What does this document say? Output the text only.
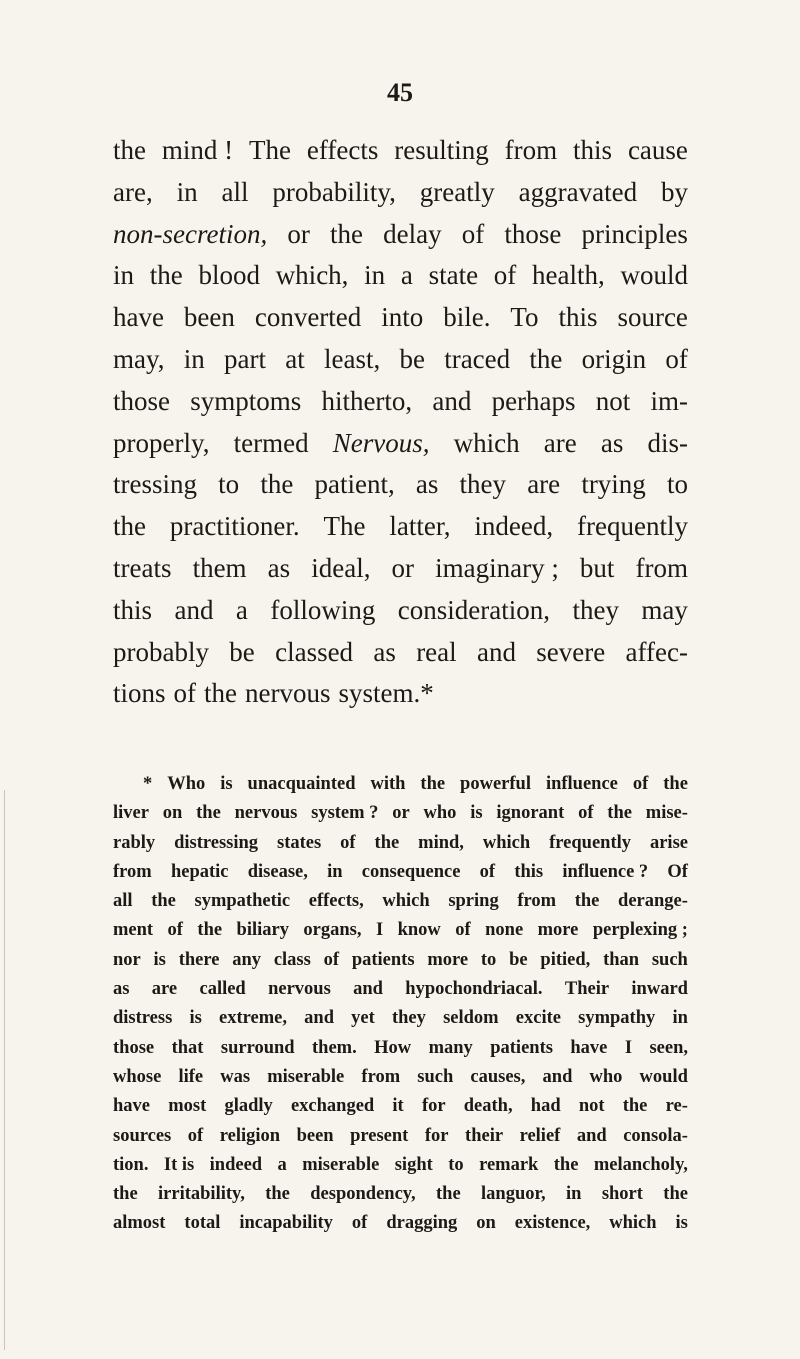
45
the mind ! The effects resulting from this cause
are, in all probability, greatly aggravated by
non-secretion, or the delay of those principles
in the blood which, in a state of health, would
have been converted into bile. To this source
may, in part at least, be traced the origin of
those symptoms hitherto, and perhaps not im-
properly, termed Nervous, which are as dis-
tressing to the patient, as they are trying to
the practitioner. The latter, indeed, frequently
treats them as ideal, or imaginary ; but from
this and a following consideration, they may
probably be classed as real and severe affec-
tions of the nervous system.*
* Who is unacquainted with the powerful influence of the
liver on the nervous system ? or who is ignorant of the mise-
rably distressing states of the mind, which frequently arise
from hepatic disease, in consequence of this influence ? Of
all the sympathetic effects, which spring from the derange-
ment of the biliary organs, I know of none more perplexing ;
nor is there any class of patients more to be pitied, than such
as are called nervous and hypochondriacal. Their inward
distress is extreme, and yet they seldom excite sympathy in
those that surround them. How many patients have I seen,
whose life was miserable from such causes, and who would
have most gladly exchanged it for death, had not the re-
sources of religion been present for their relief and consola-
tion. It is indeed a miserable sight to remark the melancholy,
the irritability, the despondency, the languor, in short the
almost total incapability of dragging on existence, which is
